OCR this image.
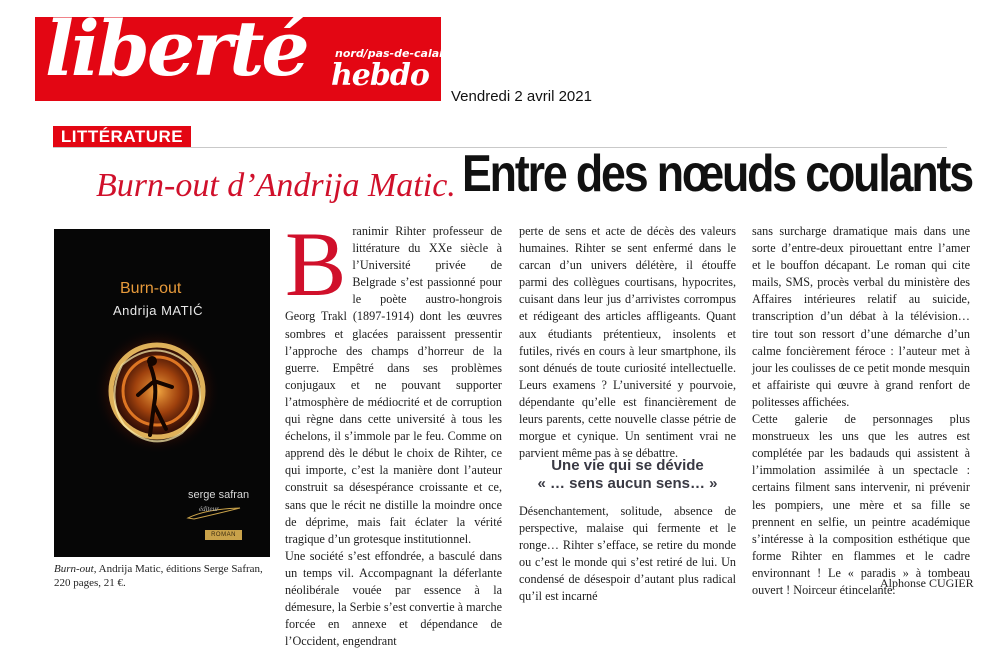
liberté	nord/pas-de-calais
hebdo
Vendredi 2 avril 2021
LITTÉRATURE
Burn-out d’Andrija Matic. Entre des nœuds coulants
Burn-out
Andrija MATIĆ
serge safran
éditeur
ROMAN
Burn-out, Andrija Matic, éditions Serge Safran, 220 pages, 21 €.
B ranimir Rihter professeur de littérature du XXe siècle à l’Université privée de Belgrade s’est passionné pour le poète austro-hongrois Georg Trakl (1897-1914) dont les œuvres sombres et glacées paraissent pressentir l’approche des champs d’horreur de la guerre. Empêtré dans ses problèmes conjugaux et ne pouvant supporter l’atmosphère de médiocrité et de corruption qui règne dans cette université à tous les échelons, il s’immole par le feu. Comme on apprend dès le début le choix de Rihter, ce qui importe, c’est la manière dont l’auteur construit sa désespérance croissante et ce, sans que le récit ne distille la moindre once de déprime, mais fait éclater la vérité tragique d’un grotesque institutionnel.

Une société s’est effondrée, a basculé dans un temps vil. Accompagnant la déferlante néolibérale vouée par essence à la démesure, la Serbie s’est convertie à marche forcée en annexe et dépendance de l’Occident, engendrant

perte de sens et acte de décès des valeurs humaines. Rihter se sent enfermé dans le carcan d’un univers délétère, il étouffe parmi des collègues courtisans, hypocrites, cuisant dans leur jus d’arrivistes corrompus et rédigeant des articles affligeants. Quant aux étudiants prétentieux, insolents et futiles, rivés en cours à leur smartphone, ils sont dénués de toute curiosité intellectuelle. Leurs examens ? L’université y pourvoie, dépendante qu’elle est financièrement de leurs parents, cette nouvelle classe pétrie de morgue et cynique. Un sentiment vrai ne parvient même pas à se débattre.

Une vie qui se dévide
« … sens aucun sens… »

Désenchantement, solitude, absence de perspective, malaise qui fermente et le ronge… Rihter s’efface, se retire du monde ou c’est le monde qui s’est retiré de lui. Un condensé de désespoir d’autant plus radical qu’il est incarné

sans surcharge dramatique mais dans une sorte d’entre-deux pirouettant entre l’amer et le bouffon décapant. Le roman qui cite mails, SMS, procès verbal du ministère des Affaires intérieures relatif au suicide, transcription d’un débat à la télévision… tire tout son ressort d’une démarche d’un calme foncièrement féroce : l’auteur met à jour les coulisses de ce petit monde mesquin et affairiste qui œuvre à grand renfort de politesses affichées.

Cette galerie de personnages plus monstrueux les uns que les autres est complétée par les badauds qui assistent à l’immolation assimilée à un spectacle : certains filment sans intervenir, ni prévenir les pompiers, une mère et sa fille se prennent en selfie, un peintre académique s’intéresse à la composition esthétique que forme Rihter en flammes et le cadre environnant ! Le « paradis » à tombeau ouvert ! Noirceur étincelante.

Alphonse CUGIER
